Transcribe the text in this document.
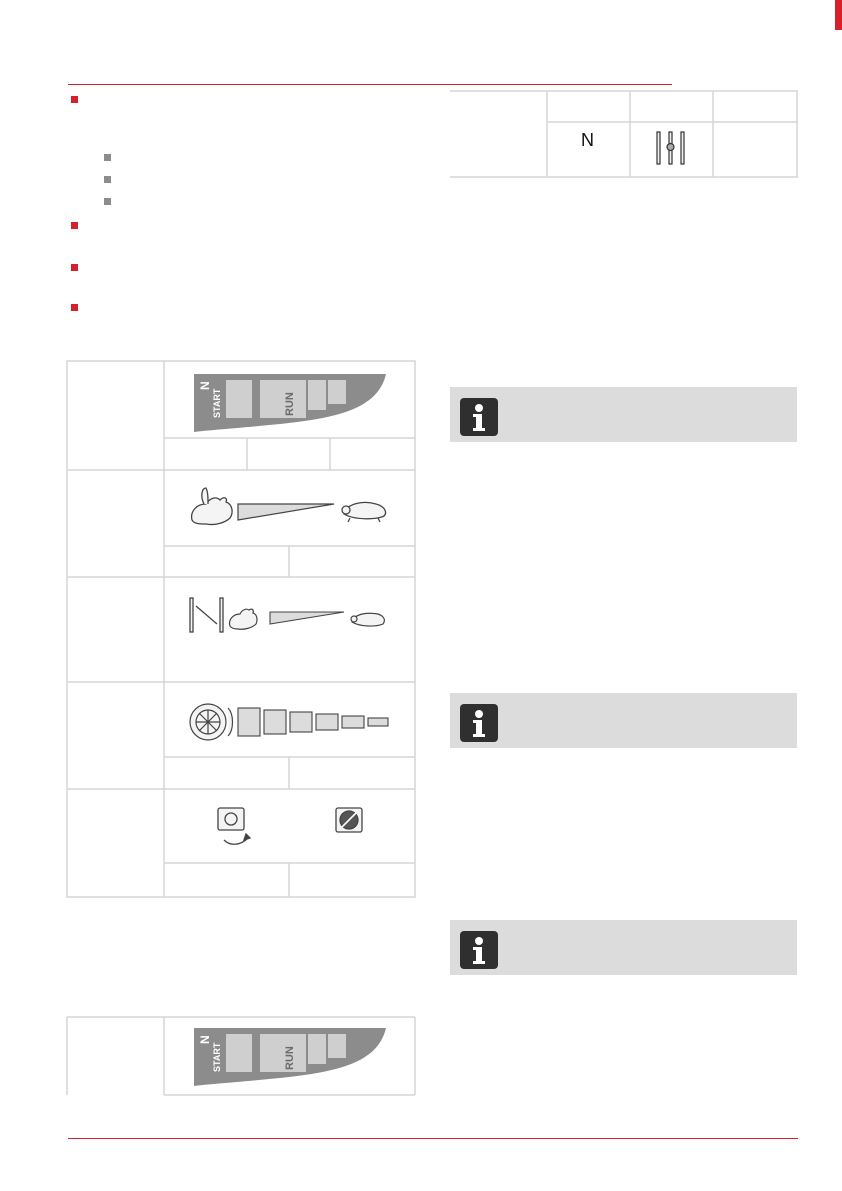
N
N
START	RUN
N
START	RUN
